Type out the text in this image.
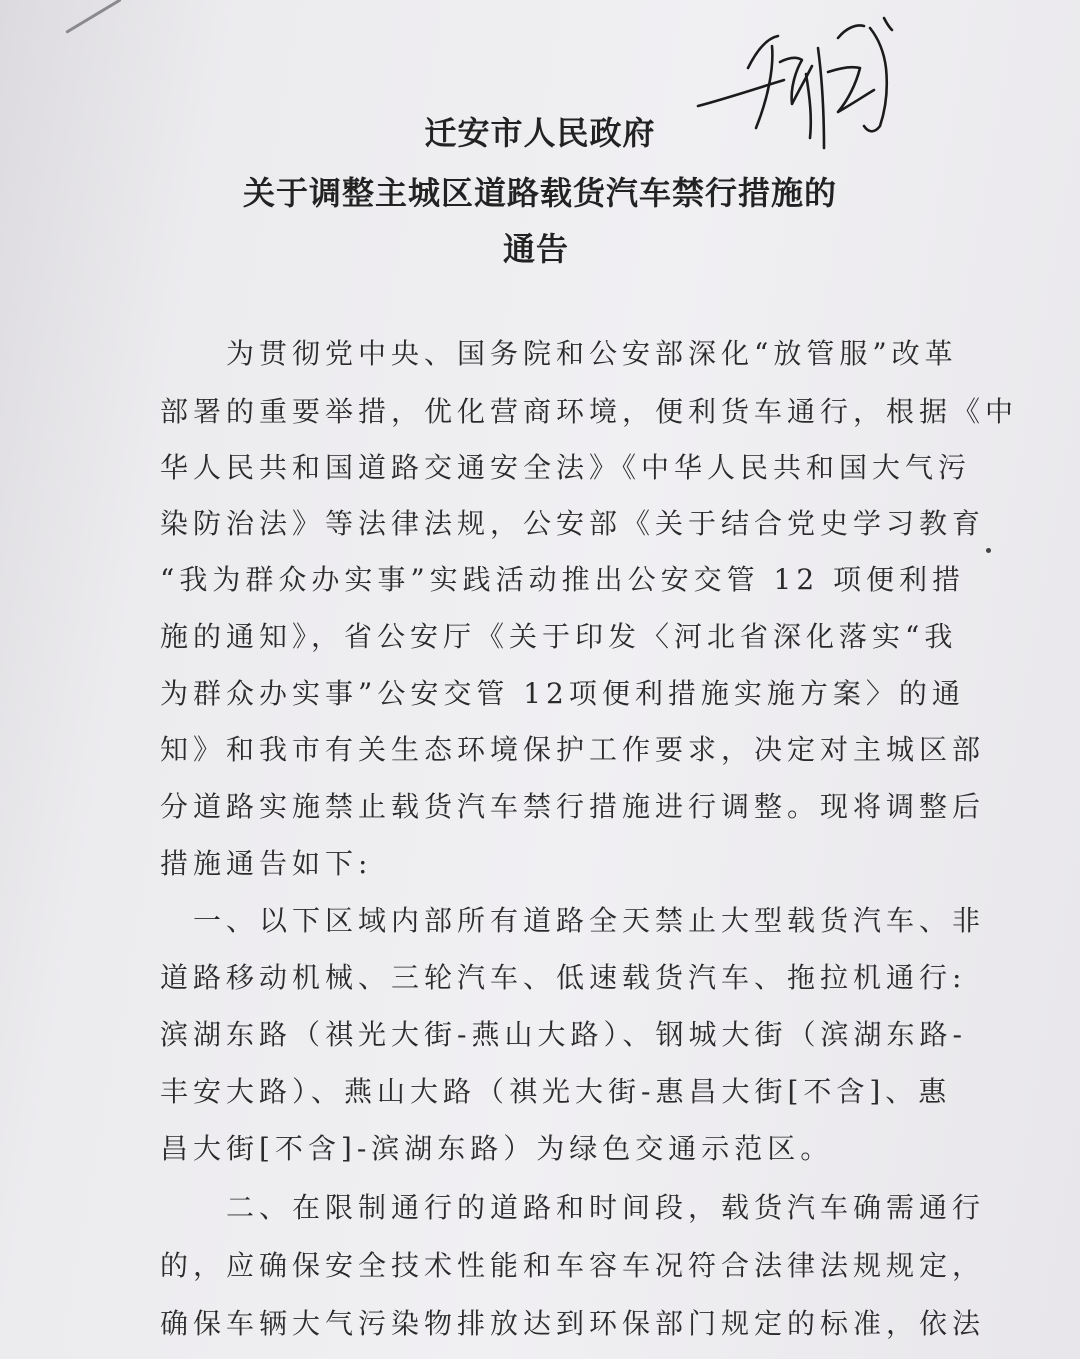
迁安市人民政府
关于调整主城区道路载货汽车禁行措施的
通告
　　为贯彻党中央、国务院和公安部深化“放管服”改革
部署的重要举措，优化营商环境，便利货车通行，根据《中
华人民共和国道路交通安全法》《中华人民共和国大气污
染防治法》等法律法规，公安部《关于结合党史学习教育
“我为群众办实事”实践活动推出公安交管 12 项便利措
施的通知》，省公安厅《关于印发〈河北省深化落实“我
为群众办实事”公安交管 12项便利措施实施方案〉的通
知》和我市有关生态环境保护工作要求，决定对主城区部
分道路实施禁止载货汽车禁行措施进行调整。现将调整后
措施通告如下:
　一、以下区域内部所有道路全天禁止大型载货汽车、非
道路移动机械、三轮汽车、低速载货汽车、拖拉机通行:
滨湖东路（祺光大街-燕山大路）、钢城大街（滨湖东路-
丰安大路）、燕山大路（祺光大街-惠昌大街[不含]、惠
昌大街[不含]-滨湖东路）为绿色交通示范区。
　　二、在限制通行的道路和时间段，载货汽车确需通行
的，应确保安全技术性能和车容车况符合法律法规规定，
确保车辆大气污染物排放达到环保部门规定的标准，依法
